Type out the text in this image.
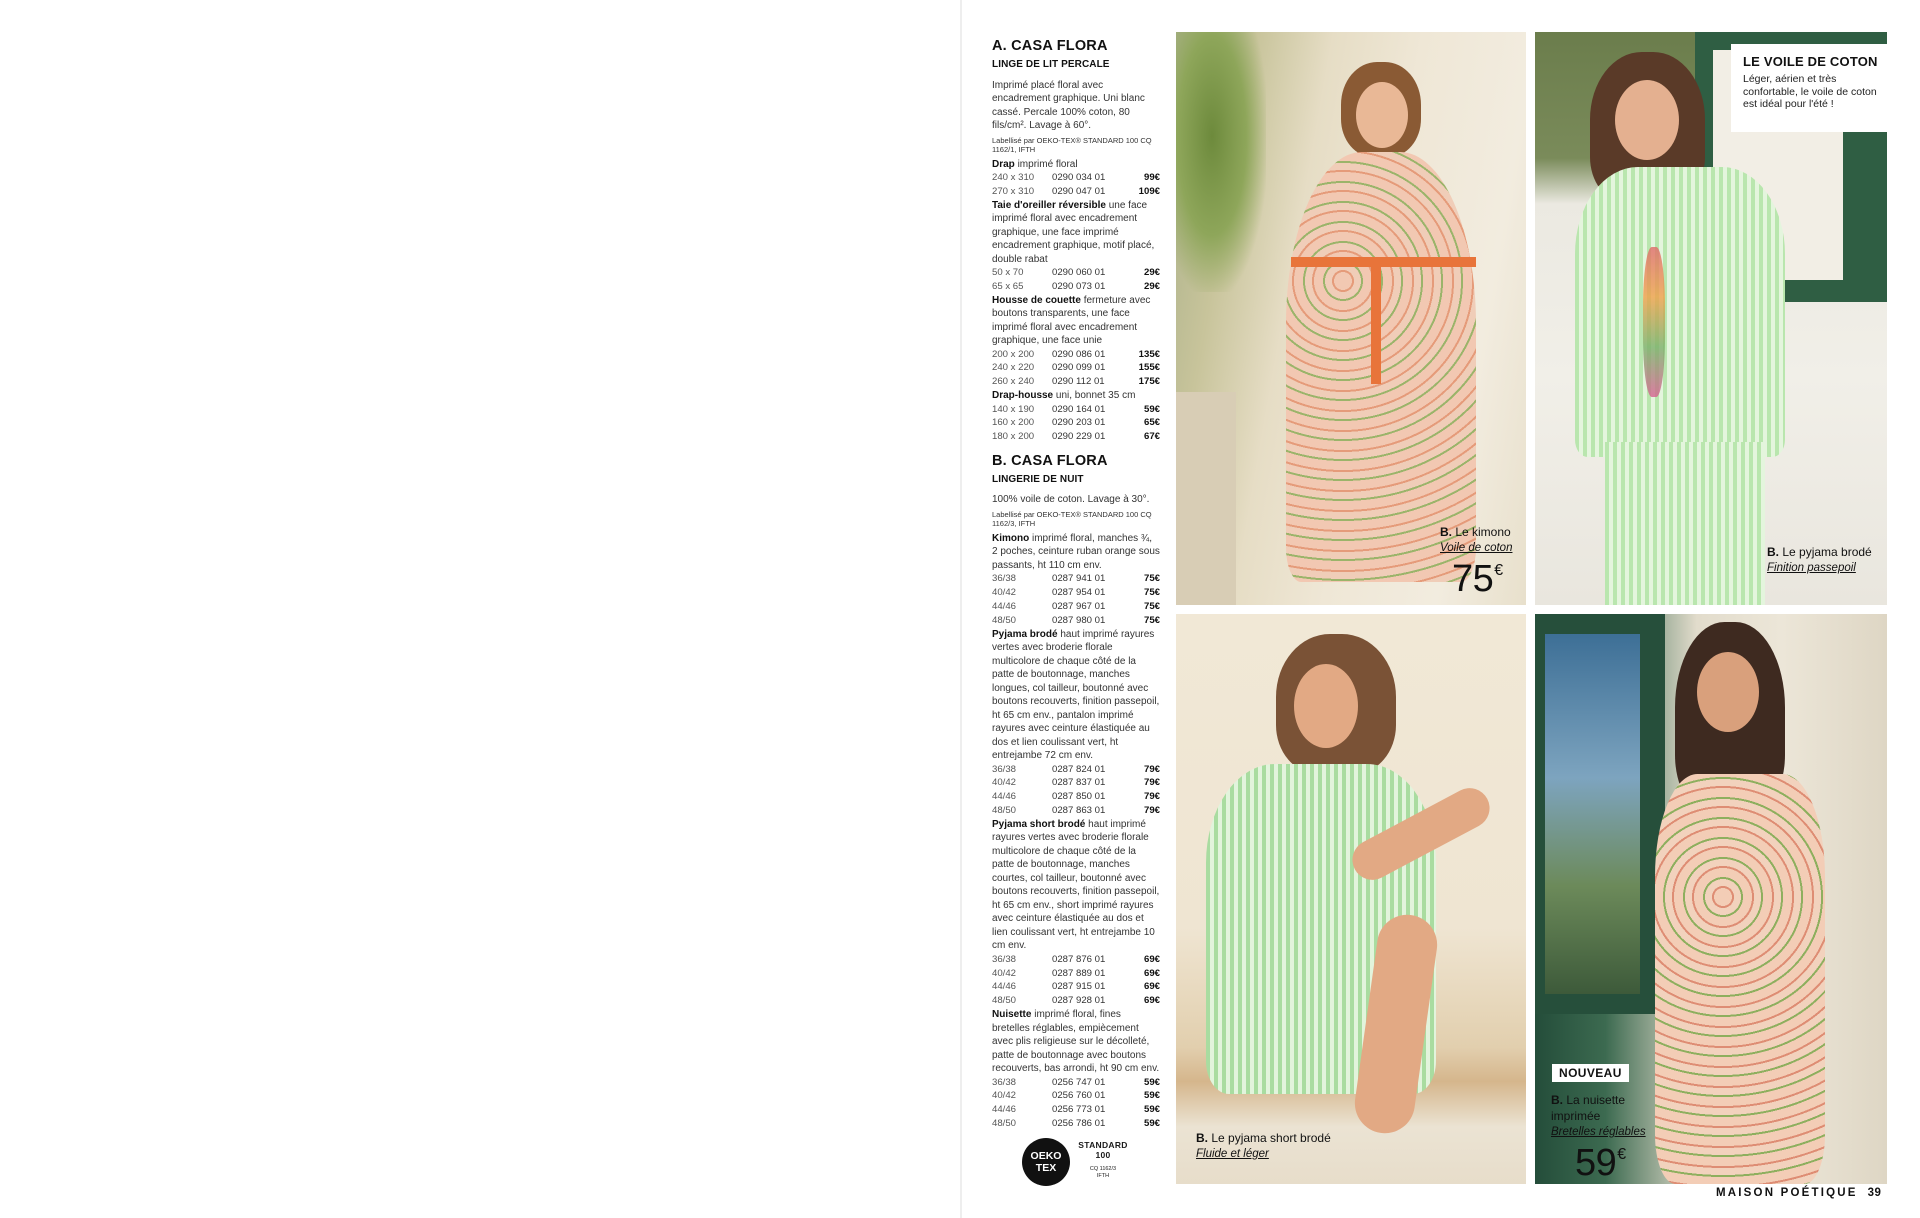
A. CASA FLORA
LINGE DE LIT PERCALE
Imprimé placé floral avec encadrement graphique. Uni blanc cassé. Percale 100% coton, 80 fils/cm². Lavage à 60°.
Labellisé par OEKO-TEX® STANDARD 100 CQ 1162/1, IFTH
Drap imprimé floral
240 x 310	0290 034 01	99€
270 x 310	0290 047 01	109€
Taie d'oreiller réversible une face imprimé floral avec encadrement graphique, une face imprimé encadrement graphique, motif placé, double rabat
50 x 70	0290 060 01	29€
65 x 65	0290 073 01	29€
Housse de couette fermeture avec boutons transparents, une face imprimé floral avec encadrement graphique, une face unie
200 x 200	0290 086 01	135€
240 x 220	0290 099 01	155€
260 x 240	0290 112 01	175€
Drap-housse uni, bonnet 35 cm
140 x 190	0290 164 01	59€
160 x 200	0290 203 01	65€
180 x 200	0290 229 01	67€
B. CASA FLORA
LINGERIE DE NUIT
100% voile de coton. Lavage à 30°.
Labellisé par OEKO-TEX® STANDARD 100 CQ 1162/3, IFTH
Kimono imprimé floral, manches ¾, 2 poches, ceinture ruban orange sous passants, ht 110 cm env.
36/38	0287 941 01	75€
40/42	0287 954 01	75€
44/46	0287 967 01	75€
48/50	0287 980 01	75€
Pyjama brodé haut imprimé rayures vertes avec broderie florale multicolore de chaque côté de la patte de boutonnage, manches longues, col tailleur, boutonné avec boutons recouverts, finition passepoil, ht 65 cm env., pantalon imprimé rayures avec ceinture élastiquée au dos et lien coulissant vert, ht entrejambe 72 cm env.
36/38	0287 824 01	79€
40/42	0287 837 01	79€
44/46	0287 850 01	79€
48/50	0287 863 01	79€
Pyjama short brodé haut imprimé rayures vertes avec broderie florale multicolore de chaque côté de la patte de boutonnage, manches courtes, col tailleur, boutonné avec boutons recouverts, finition passepoil, ht 65 cm env., short imprimé rayures avec ceinture élastiquée au dos et lien coulissant vert, ht entrejambe 10 cm env.
36/38	0287 876 01	69€
40/42	0287 889 01	69€
44/46	0287 915 01	69€
48/50	0287 928 01	69€
Nuisette imprimé floral, fines bretelles réglables, empiècement avec plis religieuse sur le décolleté, patte de boutonnage avec boutons recouverts, bas arrondi, ht 90 cm env.
36/38	0256 747 01	59€
40/42	0256 760 01	59€
44/46	0256 773 01	59€
48/50	0256 786 01	59€
OEKO
TEX
STANDARD
100
CQ 1162/3
IFTH
B. Le kimono
Voile de coton
75€
B. Le pyjama brodé
Finition passepoil
LE VOILE DE COTON
Léger, aérien et très confortable, le voile de coton est idéal pour l'été !
B. Le pyjama short brodé
Fluide et léger
B. La nuisette
imprimée
Bretelles réglables
59€
NOUVEAU
MAISON POÉTIQUE 39
